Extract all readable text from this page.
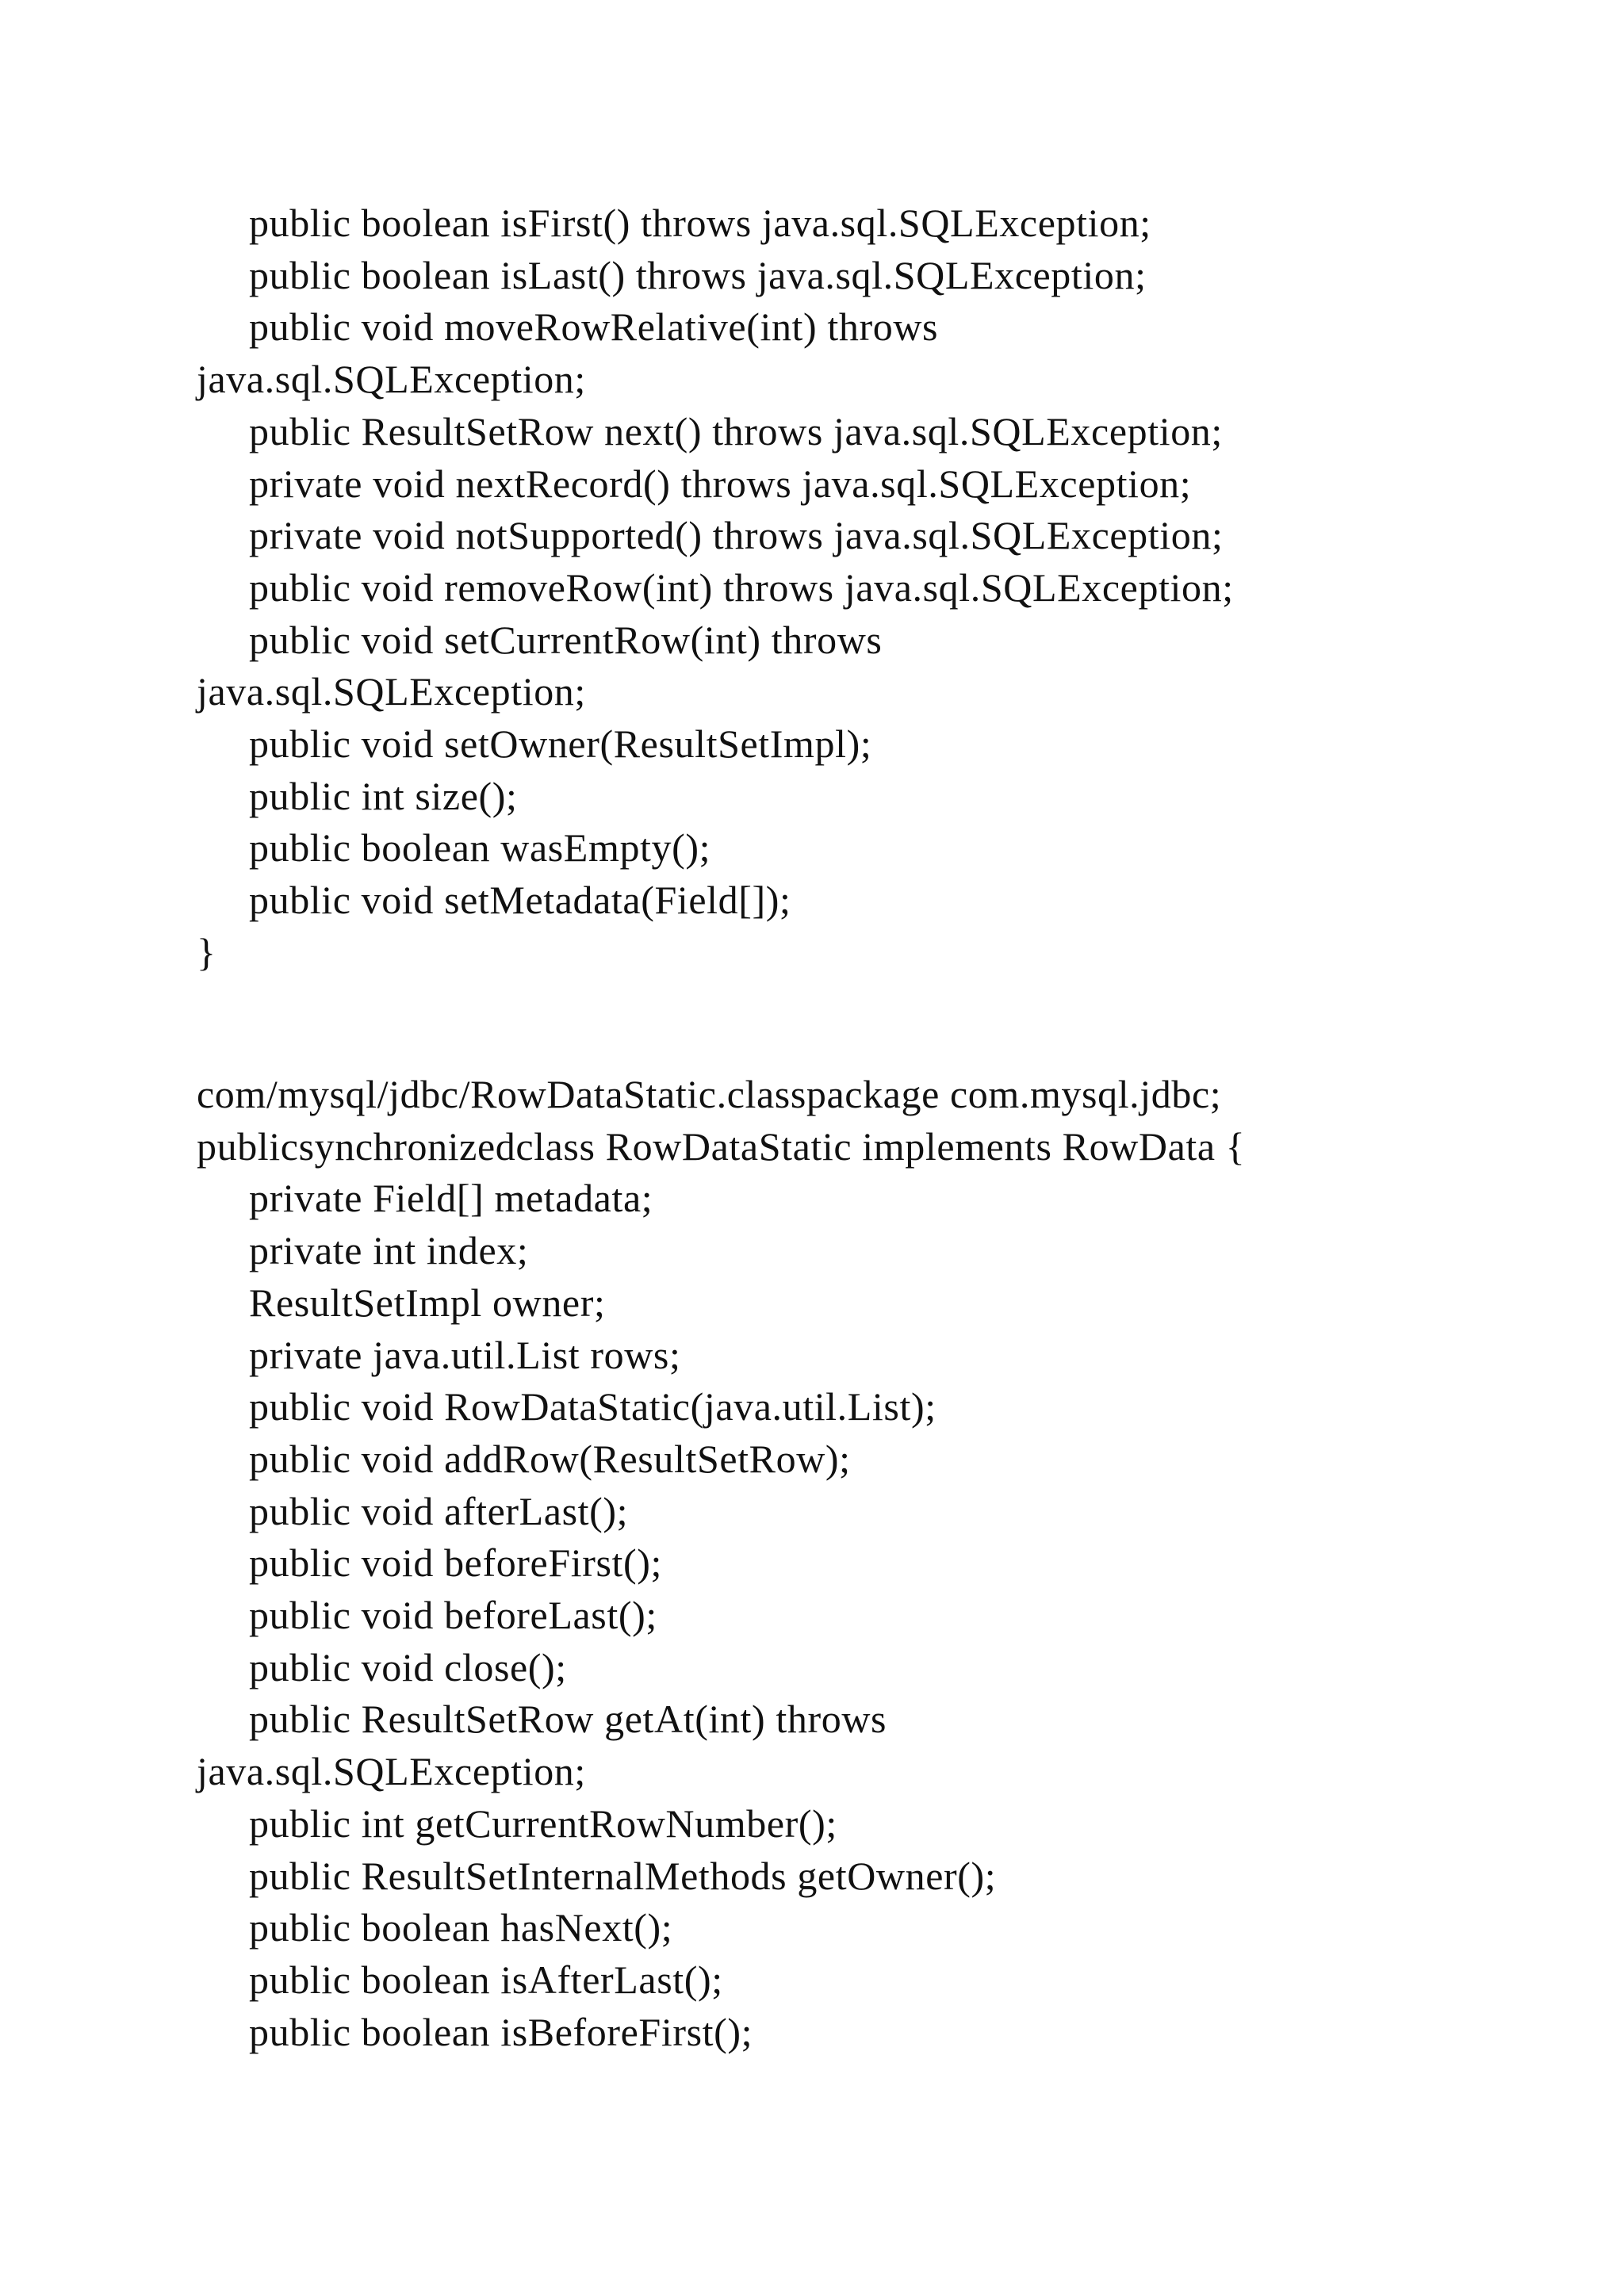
public boolean isFirst() throws java.sql.SQLException;
public boolean isLast() throws java.sql.SQLException;
public void moveRowRelative(int) throws
java.sql.SQLException;
public ResultSetRow next() throws java.sql.SQLException;
private void nextRecord() throws java.sql.SQLException;
private void notSupported() throws java.sql.SQLException;
public void removeRow(int) throws java.sql.SQLException;
public void setCurrentRow(int) throws
java.sql.SQLException;
public void setOwner(ResultSetImpl);
public int size();
public boolean wasEmpty();
public void setMetadata(Field[]);
}
com/mysql/jdbc/RowDataStatic.classpackage com.mysql.jdbc;
publicsynchronizedclass RowDataStatic implements RowData {
private Field[] metadata;
private int index;
ResultSetImpl owner;
private java.util.List rows;
public void RowDataStatic(java.util.List);
public void addRow(ResultSetRow);
public void afterLast();
public void beforeFirst();
public void beforeLast();
public void close();
public ResultSetRow getAt(int) throws
java.sql.SQLException;
public int getCurrentRowNumber();
public ResultSetInternalMethods getOwner();
public boolean hasNext();
public boolean isAfterLast();
public boolean isBeforeFirst();
